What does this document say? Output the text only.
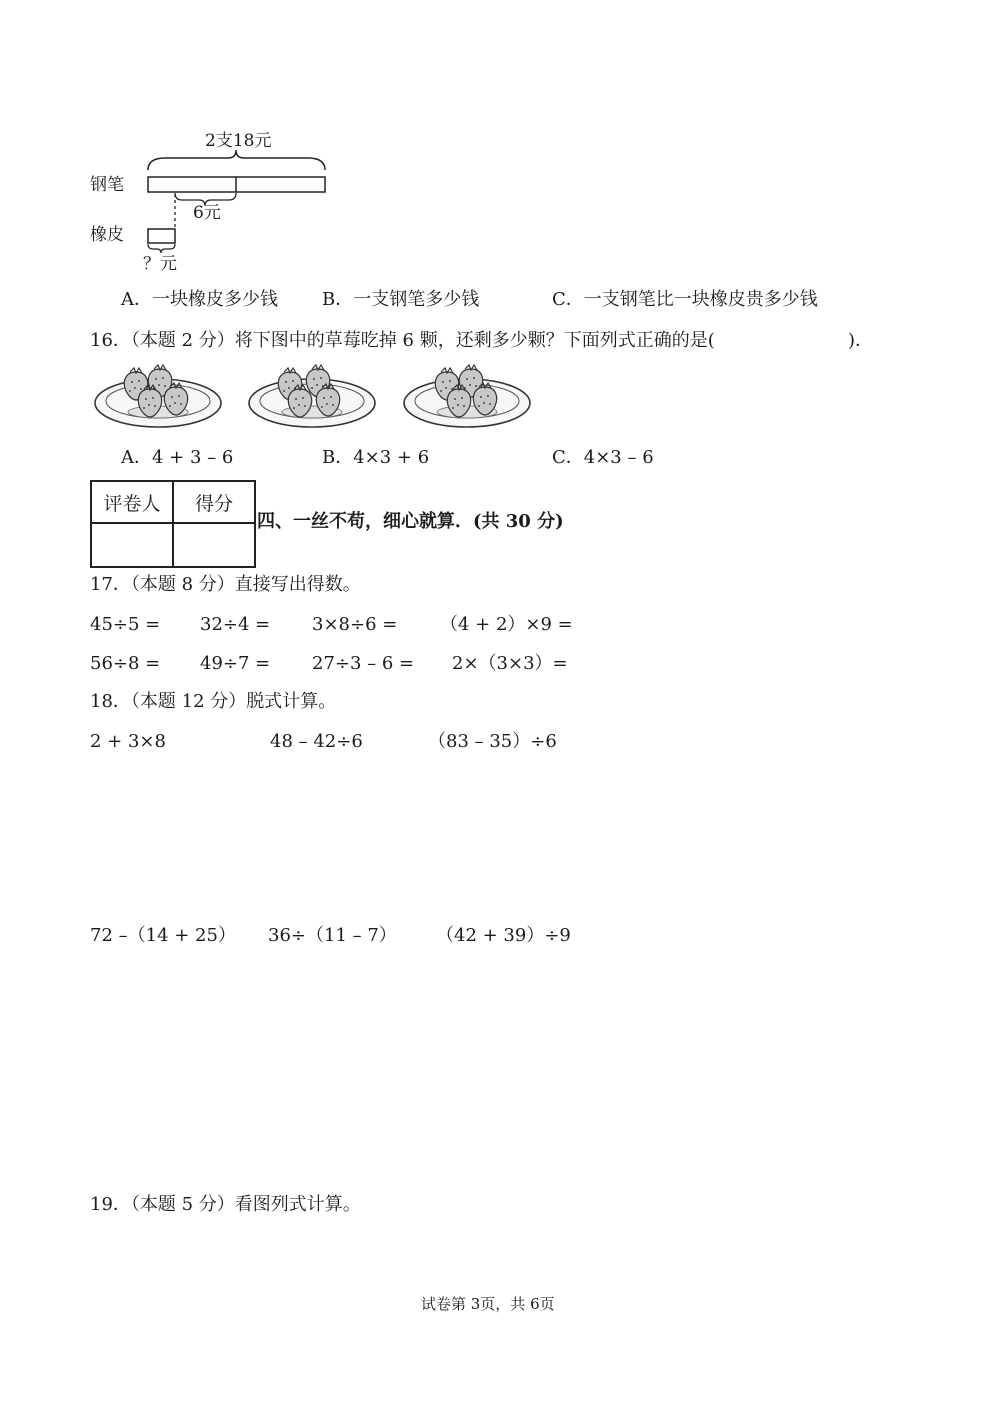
2支18元
钢笔
橡皮
6元
？元
A．一块橡皮多少钱 B．一支钢笔多少钱	C．一支钢笔比一块橡皮贵多少钱
16．（本题 2 分）将下图中的草莓吃掉 6 颗，还剩多少颗？下面列式正确的是(	)．
A．4 + 3 – 6	B．4×3 + 6	C．4×3 – 6
评卷人	得分

四、一丝不苟，细心就算．(共 30 分)
17．（本题 8 分）直接写出得数。
45÷5 = 32÷4 = 3×8÷6 = （4 + 2）×9 =
56÷8 = 49÷7 = 27÷3 – 6 = 2×（3×3）=
18．（本题 12 分）脱式计算。
2 + 3×8	48 – 42÷6	（83 – 35）÷6
72 –（14 + 25） 36÷（11 – 7） （42 + 39）÷9
19．（本题 5 分）看图列式计算。
试卷第 3页，共 6页
